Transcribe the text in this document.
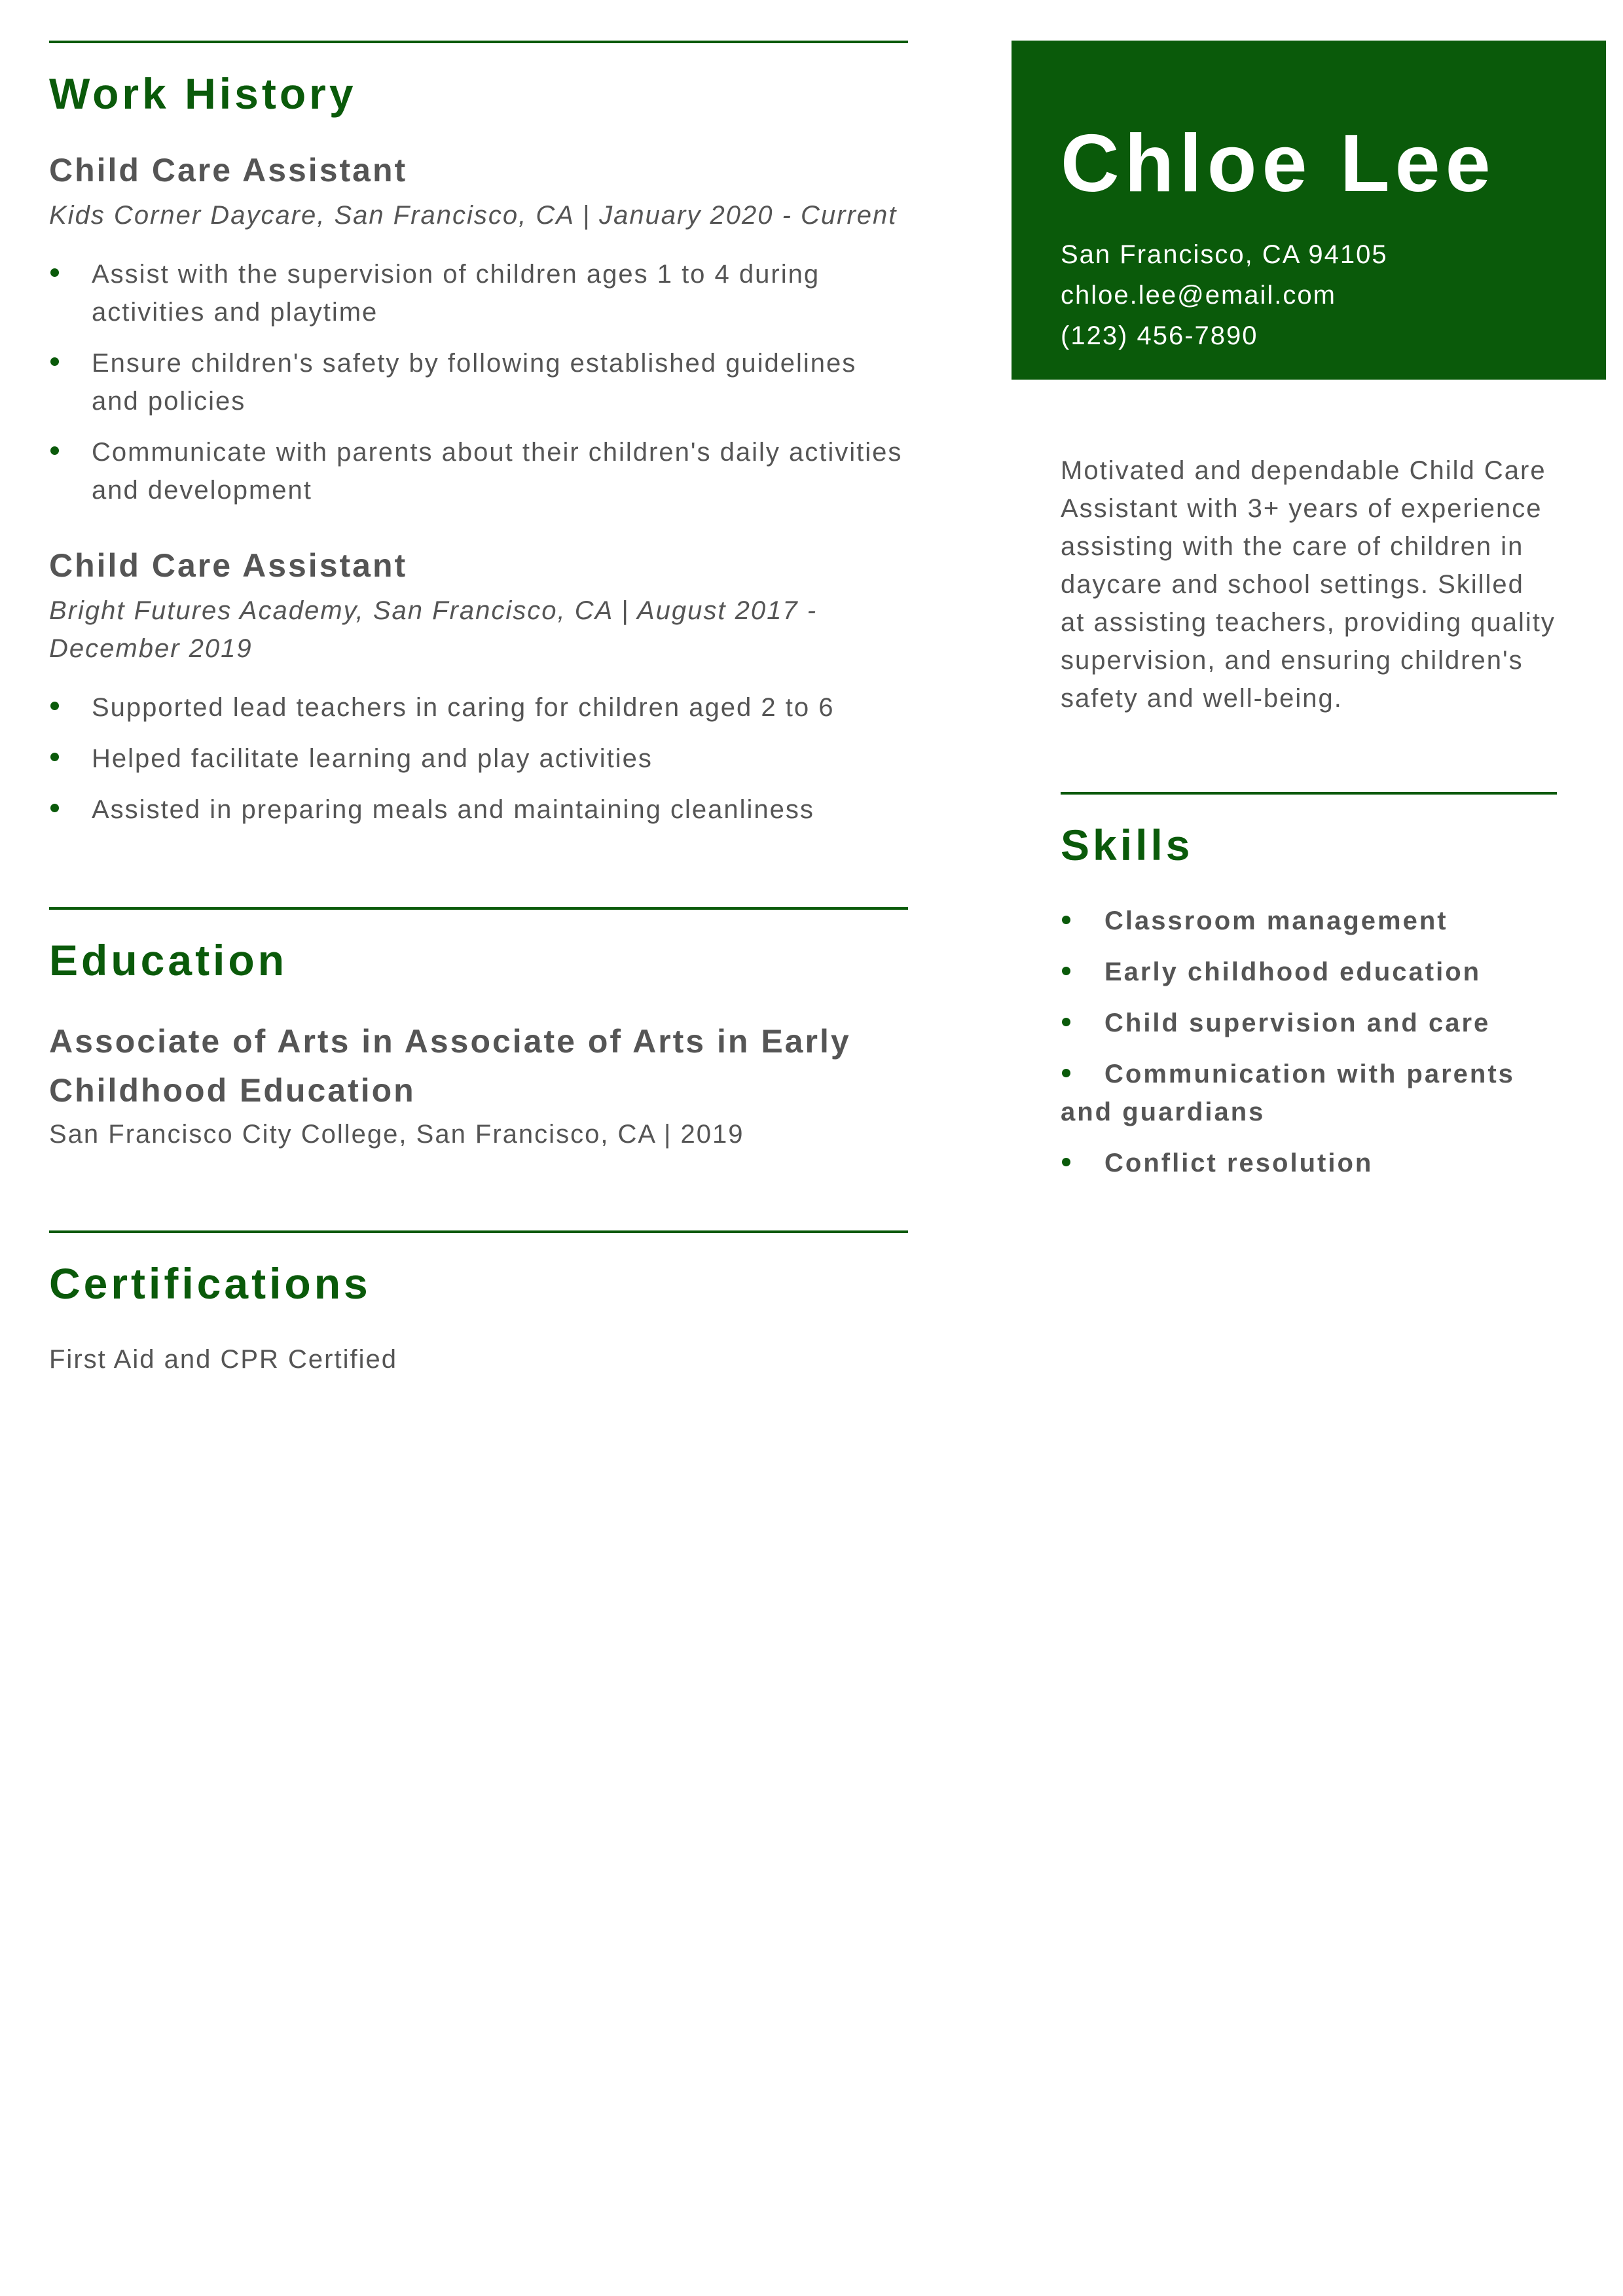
Work History
Child Care Assistant
Kids Corner Daycare, San Francisco, CA | January 2020 - Current
Assist with the supervision of children ages 1 to 4 during activities and playtime
Ensure children's safety by following established guidelines and policies
Communicate with parents about their children's daily activities and development
Child Care Assistant
Bright Futures Academy, San Francisco, CA | August 2017 - December 2019
Supported lead teachers in caring for children aged 2 to 6
Helped facilitate learning and play activities
Assisted in preparing meals and maintaining cleanliness
Education
Associate of Arts in Associate of Arts in Early Childhood Education
San Francisco City College, San Francisco, CA | 2019
Certifications
First Aid and CPR Certified
Chloe Lee
San Francisco, CA 94105
chloe.lee@email.com
(123) 456-7890

Motivated and dependable Child Care Assistant with 3+ years of experience assisting with the care of children in daycare and school settings. Skilled at assisting teachers, providing quality supervision, and ensuring children's safety and well-being.

Skills
Classroom management
Early childhood education
Child supervision and care
Communication with parents and guardians
Conflict resolution
